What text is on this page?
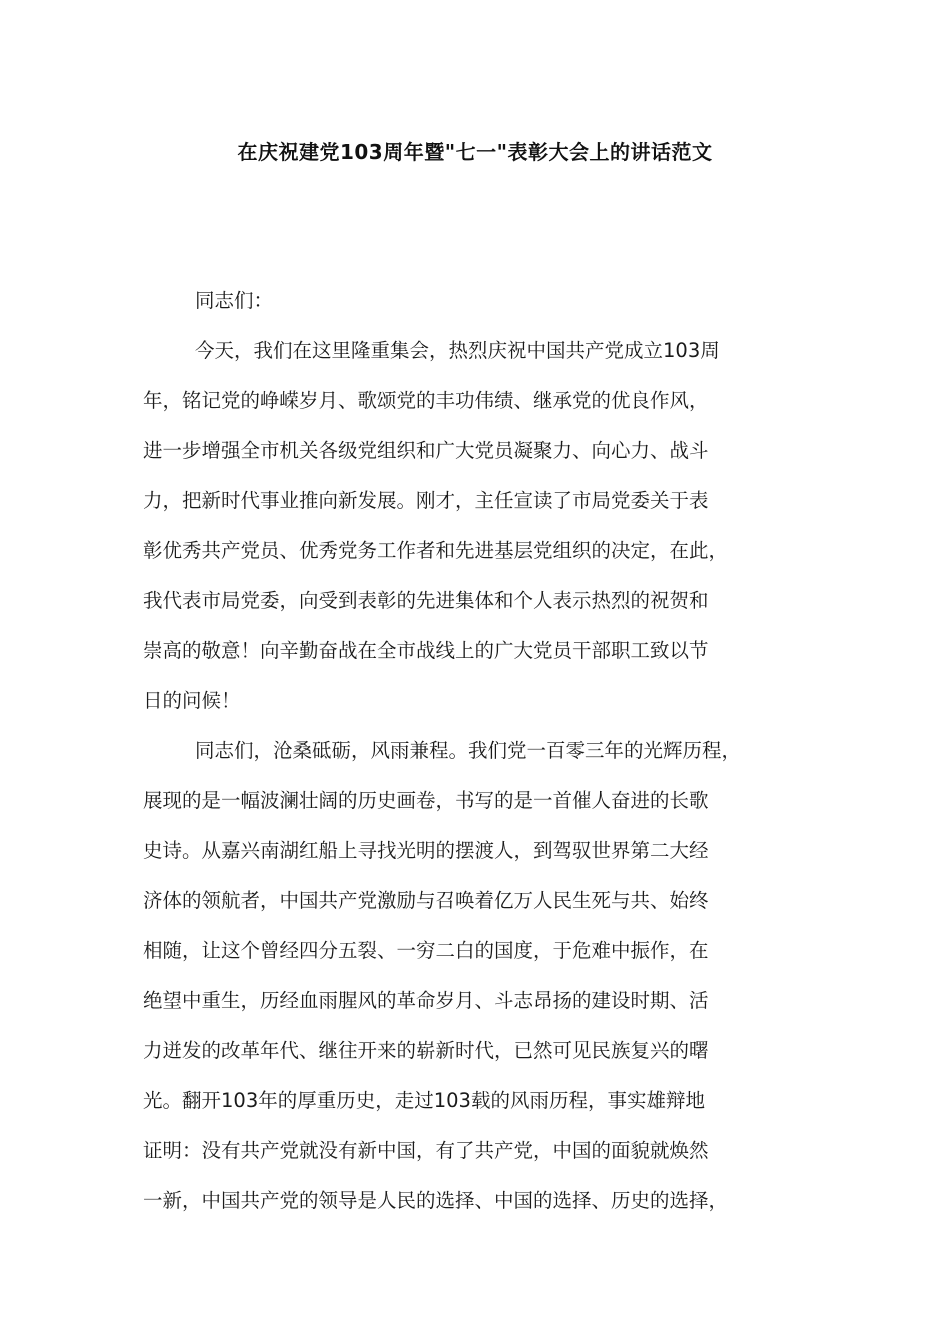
在庆祝建党103周年暨"七一"表彰大会上的讲话范文
同志们：
今天，我们在这里隆重集会，热烈庆祝中国共产党成立103周
年，铭记党的峥嵘岁月、歌颂党的丰功伟绩、继承党的优良作风，
进一步增强全市机关各级党组织和广大党员凝聚力、向心力、战斗
力，把新时代事业推向新发展。刚才，主任宣读了市局党委关于表
彰优秀共产党员、优秀党务工作者和先进基层党组织的决定，在此，
我代表市局党委，向受到表彰的先进集体和个人表示热烈的祝贺和
崇高的敬意！向辛勤奋战在全市战线上的广大党员干部职工致以节
日的问候！
同志们，沧桑砥砺，风雨兼程。我们党一百零三年的光辉历程，
展现的是一幅波澜壮阔的历史画卷，书写的是一首催人奋进的长歌
史诗。从嘉兴南湖红船上寻找光明的摆渡人，到驾驭世界第二大经
济体的领航者，中国共产党激励与召唤着亿万人民生死与共、始终
相随，让这个曾经四分五裂、一穷二白的国度，于危难中振作，在
绝望中重生，历经血雨腥风的革命岁月、斗志昂扬的建设时期、活
力迸发的改革年代、继往开来的崭新时代，已然可见民族复兴的曙
光。翻开103年的厚重历史，走过103载的风雨历程，事实雄辩地
证明：没有共产党就没有新中国，有了共产党，中国的面貌就焕然
一新，中国共产党的领导是人民的选择、中国的选择、历史的选择，
